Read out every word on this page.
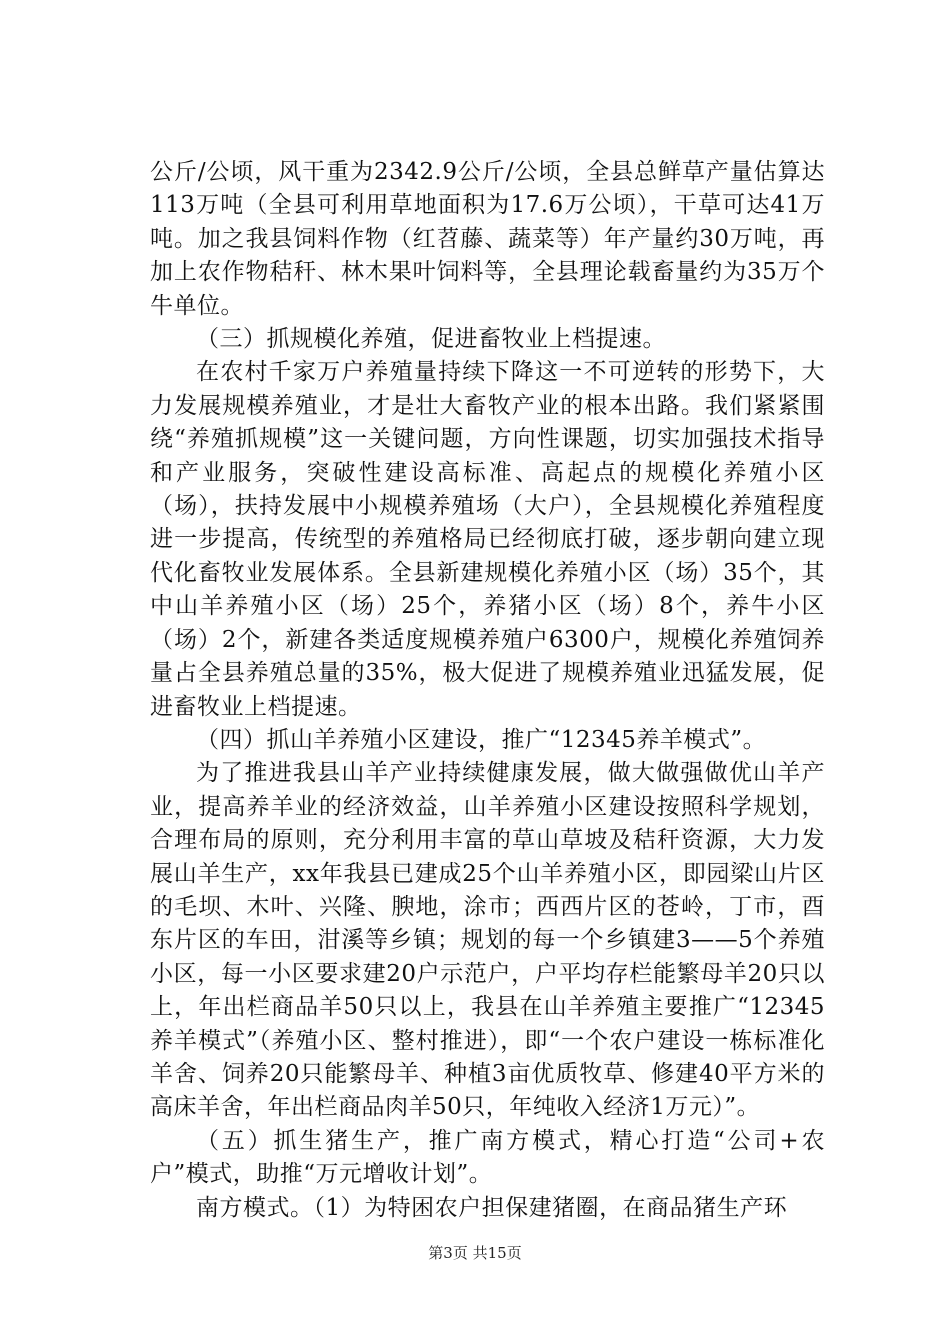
公斤/公顷，风干重为2342.9公斤/公顷，全县总鲜草产量估算达113万吨（全县可利用草地面积为17.6万公顷），干草可达41万吨。加之我县饲料作物（红苕藤、蔬菜等）年产量约30万吨，再加上农作物秸秆、林木果叶饲料等，全县理论载畜量约为35万个牛单位。

（三）抓规模化养殖，促进畜牧业上档提速。

在农村千家万户养殖量持续下降这一不可逆转的形势下，大力发展规模养殖业，才是壮大畜牧产业的根本出路。我们紧紧围绕“养殖抓规模”这一关键问题，方向性课题，切实加强技术指导和产业服务，突破性建设高标准、高起点的规模化养殖小区（场），扶持发展中小规模养殖场（大户），全县规模化养殖程度进一步提高，传统型的养殖格局已经彻底打破，逐步朝向建立现代化畜牧业发展体系。全县新建规模化养殖小区（场）35个，其中山羊养殖小区（场）25个，养猪小区（场）8个，养牛小区（场）2个，新建各类适度规模养殖户6300户，规模化养殖饲养量占全县养殖总量的35%，极大促进了规模养殖业迅猛发展，促进畜牧业上档提速。

（四）抓山羊养殖小区建设，推广“12345养羊模式”。

为了推进我县山羊产业持续健康发展，做大做强做优山羊产业，提高养羊业的经济效益，山羊养殖小区建设按照科学规划，合理布局的原则，充分利用丰富的草山草坡及秸秆资源，大力发展山羊生产，xx年我县已建成25个山羊养殖小区，即园梁山片区的毛坝、木叶、兴隆、腴地，涂市；西西片区的苍岭，丁市，酉东片区的车田，泔溪等乡镇；规划的每一个乡镇建3——5个养殖小区，每一小区要求建20户示范户，户平均存栏能繁母羊20只以上，年出栏商品羊50只以上，我县在山羊养殖主要推广“12345养羊模式”（养殖小区、整村推进），即“一个农户建设一栋标准化羊舍、饲养20只能繁母羊、种植3亩优质牧草、修建40平方米的高床羊舍，年出栏商品肉羊50只，年纯收入经济1万元）”。

（五）抓生猪生产，推广南方模式，精心打造“公司+农户”模式，助推“万元增收计划”。

南方模式。（1）为特困农户担保建猪圈，在商品猪生产环

第3页 共15页
